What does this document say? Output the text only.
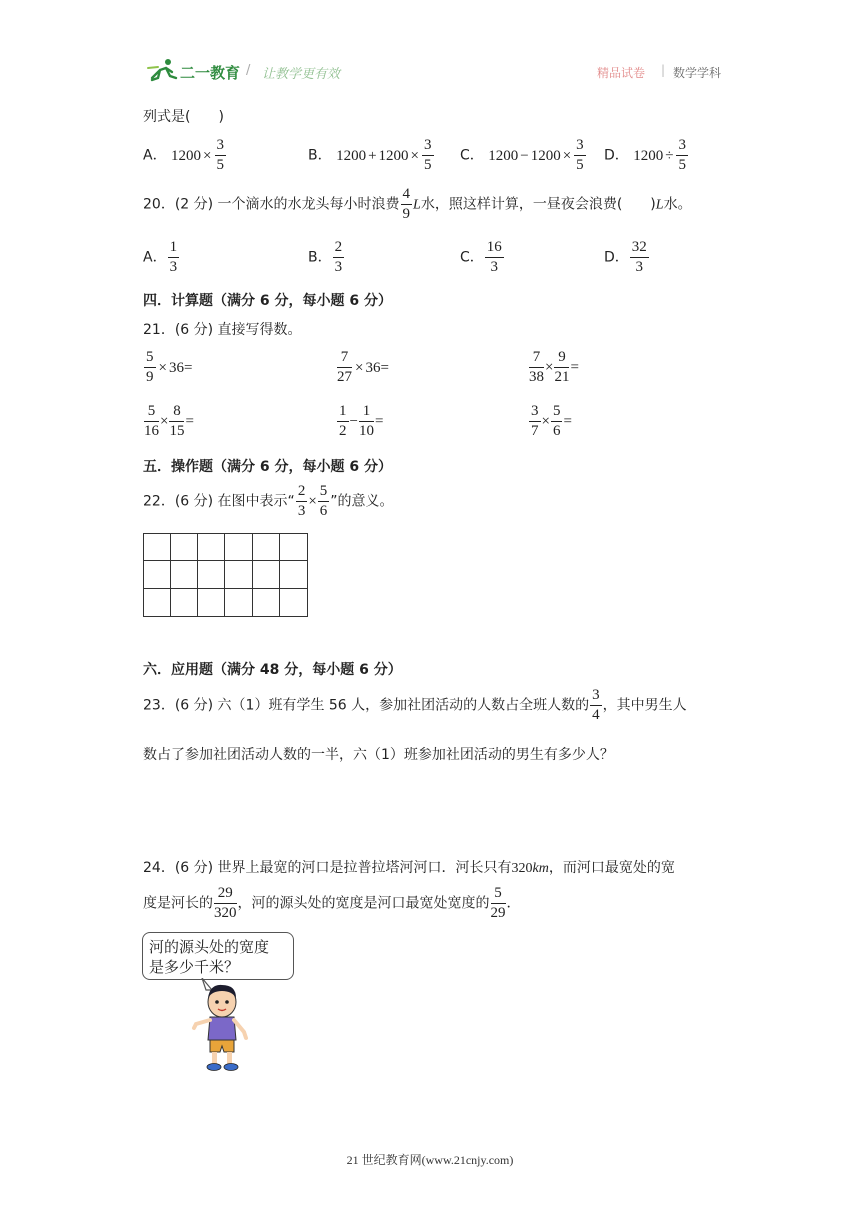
二一教育 / 让教学更有效	精品试卷 | 数学学科
列式是(　　)
A． $1200 \times \frac{3}{5}$	B． $1200 + 1200 \times \frac{3}{5}$ C． $1200 - 1200 \times \frac{3}{5}$ D． $1200 \div \frac{3}{5}$
20．(2 分) 一个滴水的水龙头每小时浪费 $\frac{4}{9}$ L水，照这样计算，一昼夜会浪费(　　)L水。
A． $\frac{1}{3}$	B． $\frac{2}{3}$	C． $\frac{16}{3}$	D． $\frac{32}{3}$
四．计算题（满分 6 分，每小题 6 分）
21．(6 分) 直接写得数。
$\frac{5}{9} \times 36=$	$\frac{7}{27} \times 36=$	$\frac{7}{38} \times \frac{9}{21}$ =
$\frac{5}{16} \times \frac{8}{15}$ =	$\frac{1}{2} - \frac{1}{10}$ =	$\frac{3}{7} \times \frac{5}{6}$ =
五．操作题（满分 6 分，每小题 6 分）
22．(6 分) 在图中表示“ $\frac{2}{3} \times \frac{5}{6}$ ”的意义。
六．应用题（满分 48 分，每小题 6 分）
23．(6 分) 六（1）班有学生 56 人，参加社团活动的人数占全班人数的 $\frac{3}{4}$ ，其中男生人
数占了参加社团活动人数的一半，六（1）班参加社团活动的男生有多少人？
24．(6 分) 世界上最宽的河口是拉普拉塔河河口．河长只有320km，而河口最宽处的宽
度是河长的 $\frac{29}{320}$ ，河的源头处的宽度是河口最宽处宽度的 $\frac{5}{29}$ ．
河的源头处的宽度
是多少千米？
21 世纪教育网(www.21cnjy.com)
